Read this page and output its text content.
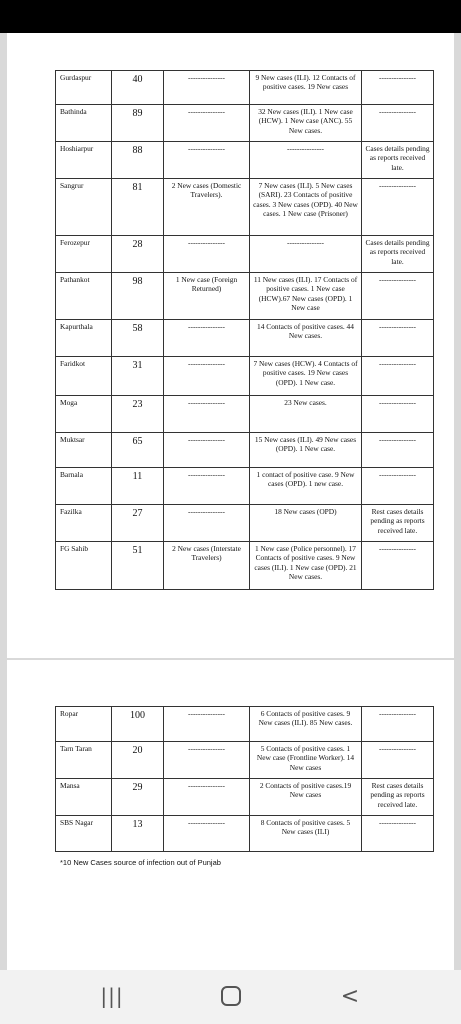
Gurdaspur	40	---------------	9 New cases (ILI). 12 Contacts of positive cases. 19 New cases	---------------
Bathinda	89	---------------	32 New cases (ILI). 1 New case (HCW). 1 New case (ANC). 55 New cases.	---------------
Hoshiarpur	88	---------------	---------------	Cases details pending as reports received late.
Sangrur	81	2 New cases (Domestic Travelers).	7 New cases (ILI). 5 New cases (SARI). 23 Contacts of positive cases. 3 New cases (OPD). 40 New cases. 1 New case (Prisoner)	---------------
Ferozepur	28	---------------	---------------	Cases details pending as reports received late.
Pathankot	98	1 New case (Foreign Returned)	11 New cases (ILI). 17 Contacts of positive cases. 1 New case (HCW).67 New cases (OPD). 1 New case	---------------
Kapurthala	58	---------------	14 Contacts of positive cases. 44 New cases.	---------------
Faridkot	31	---------------	7 New cases (HCW). 4 Contacts of positive cases. 19 New cases (OPD). 1 New case.	---------------
Moga	23	---------------	23 New cases.	---------------
Muktsar	65	---------------	15 New cases (ILI). 49 New cases (OPD). 1 New case.	---------------
Barnala	11	---------------	1 contact of positive case. 9 New cases (OPD). 1 new case.	---------------
Fazilka	27	---------------	18 New cases (OPD)	Rest cases details pending as reports received late.
FG Sahib	51	2 New cases (Interstate Travelers)	1 New case (Police personnel). 17 Contacts of positive cases. 9 New cases (ILI). 1 New case (OPD). 21 New cases.	---------------
Ropar	100	---------------	6 Contacts of positive cases. 9 New cases (ILI). 85 New cases.	---------------
Tarn Taran	20	---------------	5 Contacts of positive cases. 1 New case (Frontline Worker). 14 New cases	---------------
Mansa	29	---------------	2 Contacts of positive cases.19 New cases	Rest cases details pending as reports received late.
SBS Nagar	13	---------------	8 Contacts of positive cases. 5 New cases (ILI)	---------------
*10 New Cases source of infection out of Punjab
|||	<
